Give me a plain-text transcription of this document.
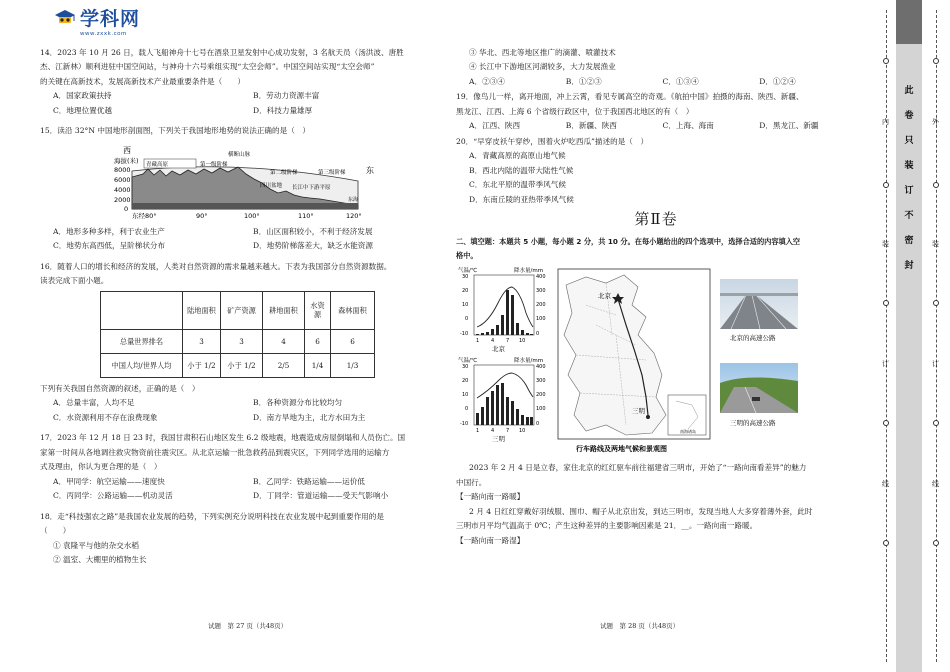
学科网
www.zxxk.com
14．2023 年 10 月 26 日，载人飞船神舟十七号在酒泉卫星发射中心成功发射，3 名航天员（汤洪波、唐胜
杰、江新林）顺利进驻中国空间站，与神舟十六号乘组实现“太空会师”。中国空间站实现“太空会师”
的关键在高新技术，发展高新技术产业最重要条件是（　　）
A．国家政策扶持	B．劳动力资源丰富
C．地理位置优越	D．科技力量雄厚
15．读沿 32°N 中国地形剖面图，下列关于我国地形地势的说法正确的是（　）
西
东
海拔(米)
8000
6000
4000
2000
0
青藏高原
横断山脉
第一级阶梯
第二级阶梯	第三级阶梯
四川盆地 长江中下游平原
东海
东经80°	90°	100°	110°	120°
A．地形多种多样，利于农业生产	B．山区面积较小，不利于经济发展
C．地势东高西低，呈阶梯状分布	D．地势阶梯落差大，缺乏水能资源
16．随着人口的增长和经济的发展，人类对自然资源的需求量越来越大。下表为我国部分自然资源数据。
读表完成下面小题。
	陆地面积	矿产资源	耕地面积	水资源	森林面积
总量世界排名	3	3	4	6	6
中国人均/世界人均	小于 1/2	小于 1/2	2/5	1/4	1/3
下列有关我国自然资源的叙述，正确的是（　）
A．总量丰富，人均不足	B．各种资源分布比较均匀
C．水资源利用不存在浪费现象	D．南方旱地为主，北方水田为主
17．2023 年 12 月 18 日 23 时，我国甘肃积石山地区发生 6.2 级地震，地震造成房屋倒塌和人员伤亡。国
家第一时间从各地调往救灾物资前往震灾区。从北京运输一批急救药品到震灾区，下列同学选用的运输方
式及理由，你认为更合理的是（　）
A．甲同学：航空运输——速度快	B．乙同学：铁路运输——运价低
C．丙同学：公路运输——机动灵活	D．丁同学：管道运输——受天气影响小
18．走“科技强农之路”是我国农业发展的趋势，下列实例充分说明科技在农业发展中起到重要作用的是
（　　）
① 袁隆平与他的杂交水稻
② 温室、大棚里的植物生长
试题　第 27 页（共48页）
③ 华北、西北等地区推广的滴灌、喷灌技术
④ 长江中下游地区河湖较多，大力发展渔业
A．②③④	B．①②③	C．①③④	D．①②④
19．像鸟儿一样，离开地面，冲上云霄，看见专属高空的奇观。《航拍中国》拍摄的海南、陕西、新疆、
黑龙江、江西、上海 6 个省级行政区中，位于我国西北地区的有（　）
A．江西、陕西	B．新疆、陕西	C．上海、海南	D．黑龙江、新疆
20．“早穿皮袄午穿纱，围着火炉吃西瓜”描述的是（　）
A．青藏高原的高原山地气候
B．西北内陆的温带大陆性气候
C．东北平原的温带季风气候
D．东南丘陵的亚热带季风气候
第Ⅱ卷
二、填空题：本题共 5 小题，每小题 2 分，共 10 分。在每小题给出的四个选项中，选择合适的内容填入空
格中。
气温/℃	降水量/mm
30
20
10
0
-10
400
300
200
100
0
1 4 7 10
北京
气温/℃	降水量/mm
30
20
10
0
-10
400
300
200
100
0
1 4 7 10
三明
北京
三明
南海诸岛
北京的高速公路
三明的高速公路
行车路线及两地气候和景观图
2023 年 2 月 4 日是立春，家住北京的红红驱车前往福建省三明市，开始了“一路向南看差异”的魅力
中国行。
【一路向南一路暖】
2 月 4 日红红穿戴好羽绒服、围巾、帽子从北京出发，到达三明市，发现当地人大多穿着薄外套，此时
三明市月平均气温高于 0℃；产生这种差异的主要影响因素是 21．__。一路向南一路暖。
【一路向南一路湿】
试题　第 28 页（共48页）
此
卷
只
装
订
不
密
封
内
装
订
线
外
装
订
线
